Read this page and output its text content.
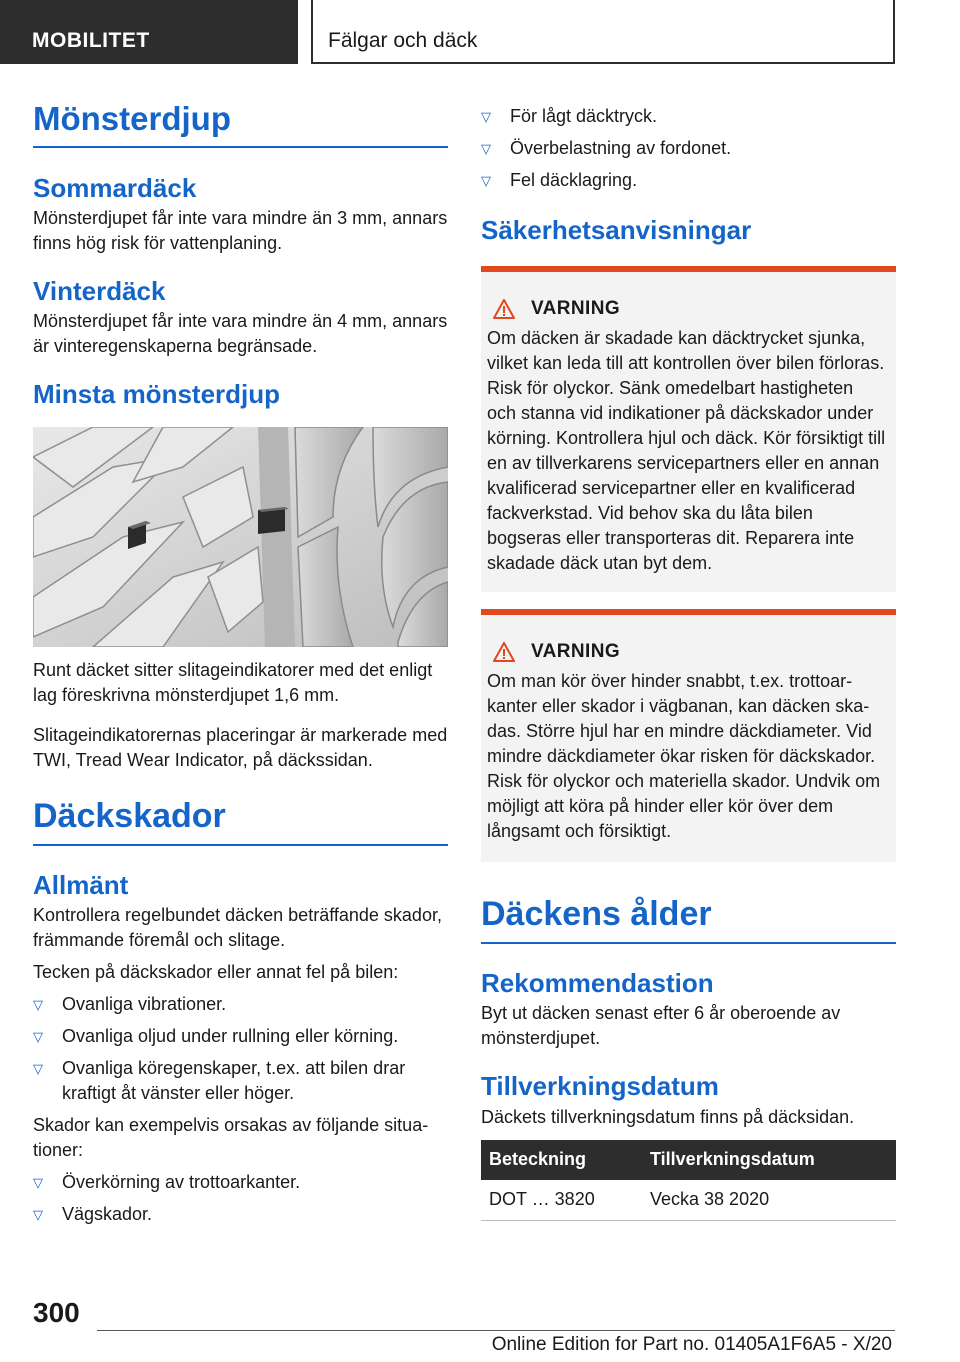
MOBILITET	Fälgar och däck
Mönsterdjup
Sommardäck

Mönsterdjupet får inte vara mindre än 3 mm, annars finns hög risk för vattenplaning.

Vinterdäck

Mönsterdjupet får inte vara mindre än 4 mm, annars är vinteregenskaperna begränsade.

Minsta mönsterdjup

Runt däcket sitter slitageindikatorer med det enligt lag föreskrivna mönsterdjupet 1,6 mm.

Slitageindikatorernas placeringar är markerade med TWI, Tread Wear Indicator, på däckssidan.

Däckskador
Allmänt

Kontrollera regelbundet däcken beträffande skador, främmande föremål och slitage.

Tecken på däckskador eller annat fel på bilen:

▽ Ovanliga vibrationer.
▽ Ovanliga oljud under rullning eller körning.
▽ Ovanliga köregenskaper, t.ex. att bilen drar kraftigt åt vänster eller höger.

Skador kan exempelvis orsakas av följande situationer:

▽ Överkörning av trottoarkanter.
▽ Vägskador.
▽ För lågt däcktryck.
▽ Överbelastning av fordonet.
▽ Fel däcklagring.
Säkerhetsanvisningar
VARNING

Om däcken är skadade kan däcktrycket sjunka, vilket kan leda till att kontrollen över bilen förloras. Risk för olyckor. Sänk omedelbart hastigheten och stanna vid indikationer på däckskador under körning. Kontrollera hjul och däck. Kör försiktigt till en av tillverkarens servicepartners eller en annan kvalificerad servicepartner eller en kvalificerad fackverkstad. Vid behov ska du låta bilen bogseras eller transporteras dit. Reparera inte skadade däck utan byt dem.

VARNING

Om man kör över hinder snabbt, t.ex. trottoarkanter eller skador i vägbanan, kan däcken skadas. Större hjul har en mindre däckdiameter. Vid mindre däckdiameter ökar risken för däckskador. Risk för olyckor och materiella skador. Undvik om möjligt att köra på hinder eller kör över dem långsamt och försiktigt.

Däckens ålder
Rekommendastion

Byt ut däcken senast efter 6 år oberoende av mönsterdjupet.

Tillverkningsdatum

Däckets tillverkningsdatum finns på däcksidan.

Beteckning	Tillverkningsdatum
DOT … 3820	Vecka 38 2020
300
Online Edition for Part no. 01405A1F6A5 - X/20
